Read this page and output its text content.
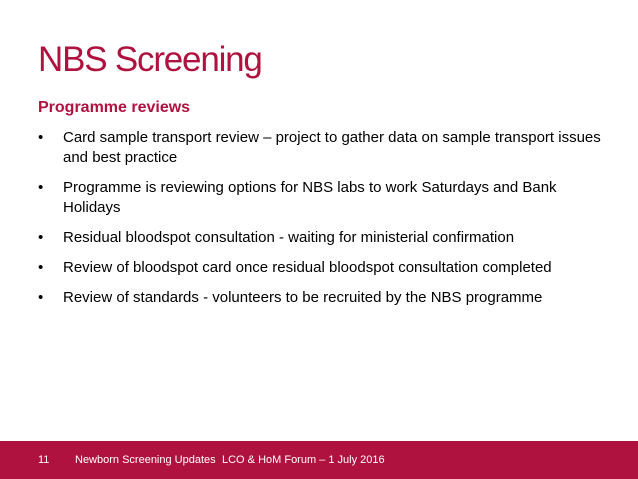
NBS Screening
Programme reviews
•	Card sample transport review – project to gather data on sample transport issues and best practice
•	Programme is reviewing options for NBS labs to work Saturdays and Bank Holidays
•	Residual bloodspot consultation - waiting for ministerial confirmation
•	Review of bloodspot card once residual bloodspot consultation completed
•	Review of standards - volunteers to be recruited by the NBS programme
11 Newborn Screening Updates LCO & HoM Forum – 1 July 2016
